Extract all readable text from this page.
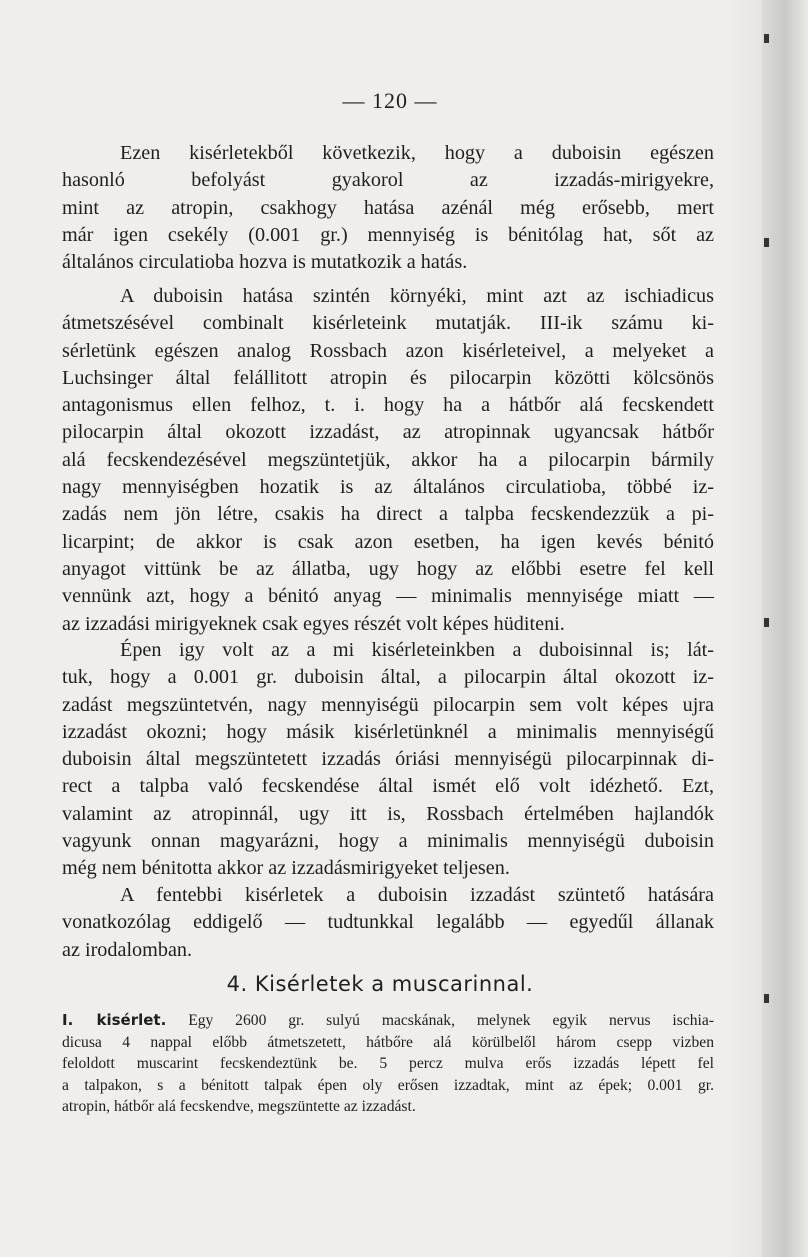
— 120 —
Ezen kisérletekből következik, hogy a duboisin egészen
hasonló befolyást gyakorol az izzadás-mirigyekre,
mint az atropin, csakhogy hatása azénál még erősebb, mert
már igen csekély (0.001 gr.) mennyiség is bénitólag hat, sőt az
általános circulatioba hozva is mutatkozik a hatás.
A duboisin hatása szintén környéki, mint azt az ischiadicus
átmetszésével combinalt kisérleteink mutatják. III-ik számu ki-
sérletünk egészen analog Rossbach azon kisérleteivel, a melyeket a
Luchsinger által felállitott atropin és pilocarpin közötti kölcsönös
antagonismus ellen felhoz, t. i. hogy ha a hátbőr alá fecskendett
pilocarpin által okozott izzadást, az atropinnak ugyancsak hátbőr
alá fecskendezésével megszüntetjük, akkor ha a pilocarpin bármily
nagy mennyiségben hozatik is az általános circulatioba, többé iz-
zadás nem jön létre, csakis ha direct a talpba fecskendezzük a pi-
licarpint; de akkor is csak azon esetben, ha igen kevés bénitó
anyagot vittünk be az állatba, ugy hogy az előbbi esetre fel kell
vennünk azt, hogy a bénitó anyag — minimalis mennyisége miatt —
az izzadási mirigyeknek csak egyes részét volt képes hüditeni.
Épen igy volt az a mi kisérleteinkben a duboisinnal is; lát-
tuk, hogy a 0.001 gr. duboisin által, a pilocarpin által okozott iz-
zadást megszüntetvén, nagy mennyiségü pilocarpin sem volt képes ujra
izzadást okozni; hogy másik kisérletünknél a minimalis mennyiségű
duboisin által megszüntetett izzadás óriási mennyiségü pilocarpinnak di-
rect a talpba való fecskendése által ismét elő volt idézhető. Ezt,
valamint az atropinnál, ugy itt is, Rossbach értelmében hajlandók
vagyunk onnan magyarázni, hogy a minimalis mennyiségü duboisin
még nem bénitotta akkor az izzadásmirigyeket teljesen.
A fentebbi kisérletek a duboisin izzadást szüntető hatására
vonatkozólag eddigelő — tudtunkkal legalább — egyedűl állanak
az irodalomban.
4. Kisérletek a muscarinnal.
I. kisérlet. Egy 2600 gr. sulyú macskának, melynek egyik nervus ischia-
dicusa 4 nappal előbb átmetszetett, hátbőre alá körülbelől három csepp vizben
feloldott muscarint fecskendeztünk be. 5 percz mulva erős izzadás lépett fel
a talpakon, s a bénitott talpak épen oly erősen izzadtak, mint az épek; 0.001 gr.
atropin, hátbőr alá fecskendve, megszüntette az izzadást.
